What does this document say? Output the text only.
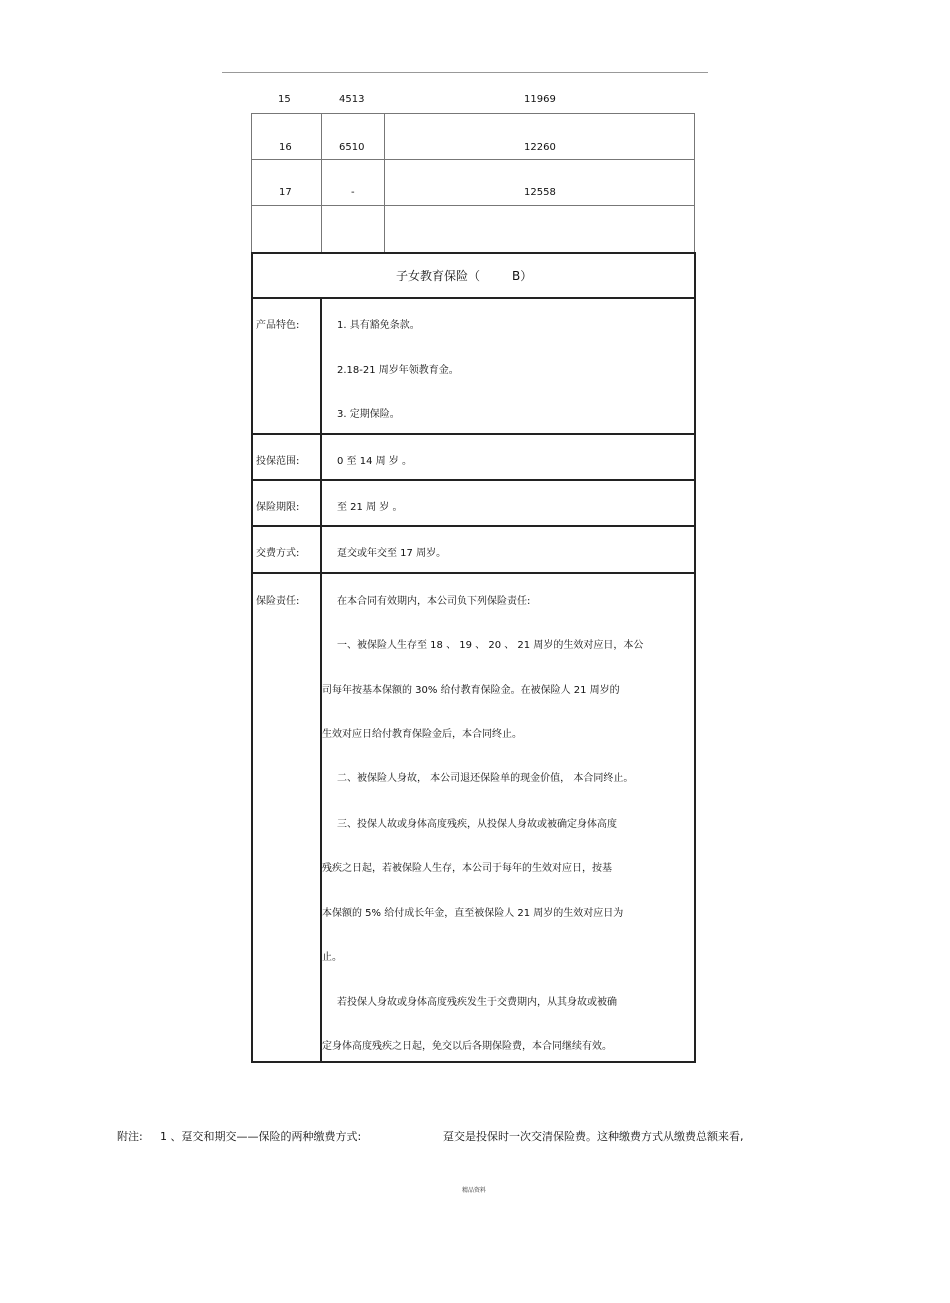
15	4513	11969
16	6510	12260
17	-	12558
子女教育保险（	B）
产品特色:	1. 具有豁免条款。
2.18-21 周岁年领教育金。
3. 定期保险。
投保范围:	0 至 14 周 岁 。
保险期限:	至 21 周 岁 。
交费方式:	趸交或年交至 17 周岁。
保险责任:	在本合同有效期内，本公司负下列保险责任:
一、被保险人生存至 18 、 19 、 20 、 21 周岁的生效对应日，本公
司每年按基本保额的 30% 给付教育保险金。在被保险人 21 周岁的
生效对应日给付教育保险金后，本合同终止。
二、被保险人身故， 本公司退还保险单的现金价值， 本合同终止。
三、投保人故或身体高度残疾，从投保人身故或被确定身体高度
残疾之日起，若被保险人生存，本公司于每年的生效对应日，按基
本保额的 5% 给付成长年金，直至被保险人 21 周岁的生效对应日为
止。
若投保人身故或身体高度残疾发生于交费期内，从其身故或被确
定身体高度残疾之日起，免交以后各期保险费，本合同继续有效。
附注: 1 、趸交和期交——保险的两种缴费方式:	趸交是投保时一次交清保险费。这种缴费方式从缴费总额来看,
精品资料
